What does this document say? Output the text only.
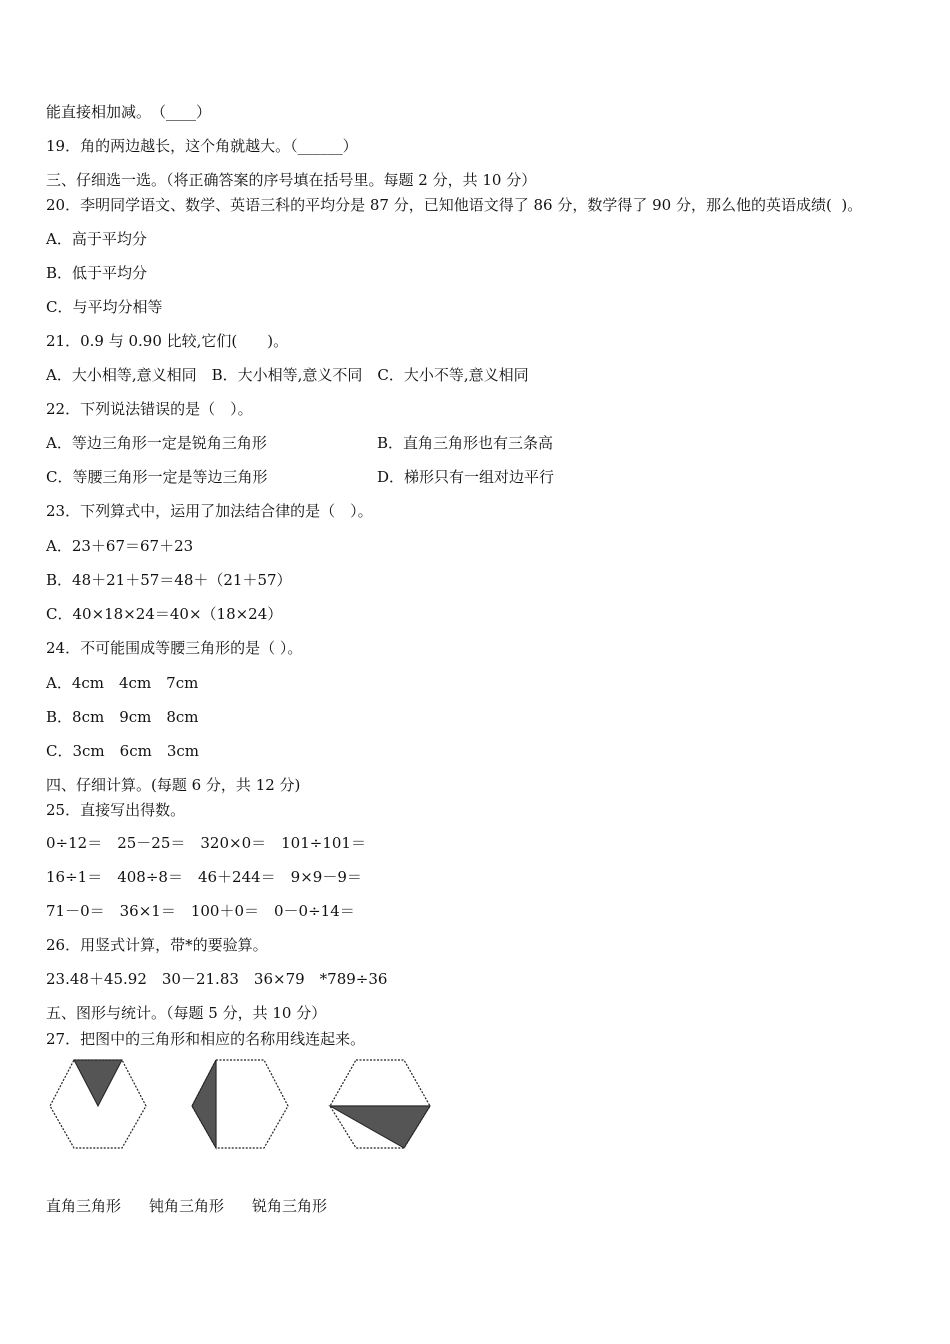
能直接相加减。　（____）
19．角的两边越长，这个角就越大。（______）
三、仔细选一选。（将正确答案的序号填在括号里。每题 2 分，共 10 分）
20．李明同学语文、数学、英语三科的平均分是 87 分，已知他语文得了 86 分，数学得了 90 分，那么他的英语成绩(  )。
A．高于平均分
B．低于平均分
C．与平均分相等
21．0.9 与 0.90 比较,它们(　　)。
A．大小相等,意义相同　B．大小相等,意义不同　C．大小不等,意义相同
22．下列说法错误的是（　）。
A．等边三角形一定是锐角三角形	B．直角三角形也有三条高
C．等腰三角形一定是等边三角形	D．梯形只有一组对边平行
23．下列算式中，运用了加法结合律的是（　）。
A．23＋67＝67＋23
B．48＋21＋57＝48＋（21＋57）
C．40×18×24＝40×（18×24）
24．不可能围成等腰三角形的是（ ）。
A．4cm　4cm　7cm
B．8cm　9cm　8cm
C．3cm　6cm　3cm
四、仔细计算。(每题 6 分，共 12 分)
25．直接写出得数。
0÷12＝　25－25＝　320×0＝　101÷101＝
16÷1＝　408÷8＝　46＋244＝　9×9－9＝
71－0＝　36×1＝　100＋0＝　0－0÷14＝
26．用竖式计算，带*的要验算。
23.48＋45.92　30－21.83　36×79　*789÷36
五、图形与统计。（每题 5 分，共 10 分）
27．把图中的三角形和相应的名称用线连起来。
直角三角形 钝角三角形 锐角三角形
